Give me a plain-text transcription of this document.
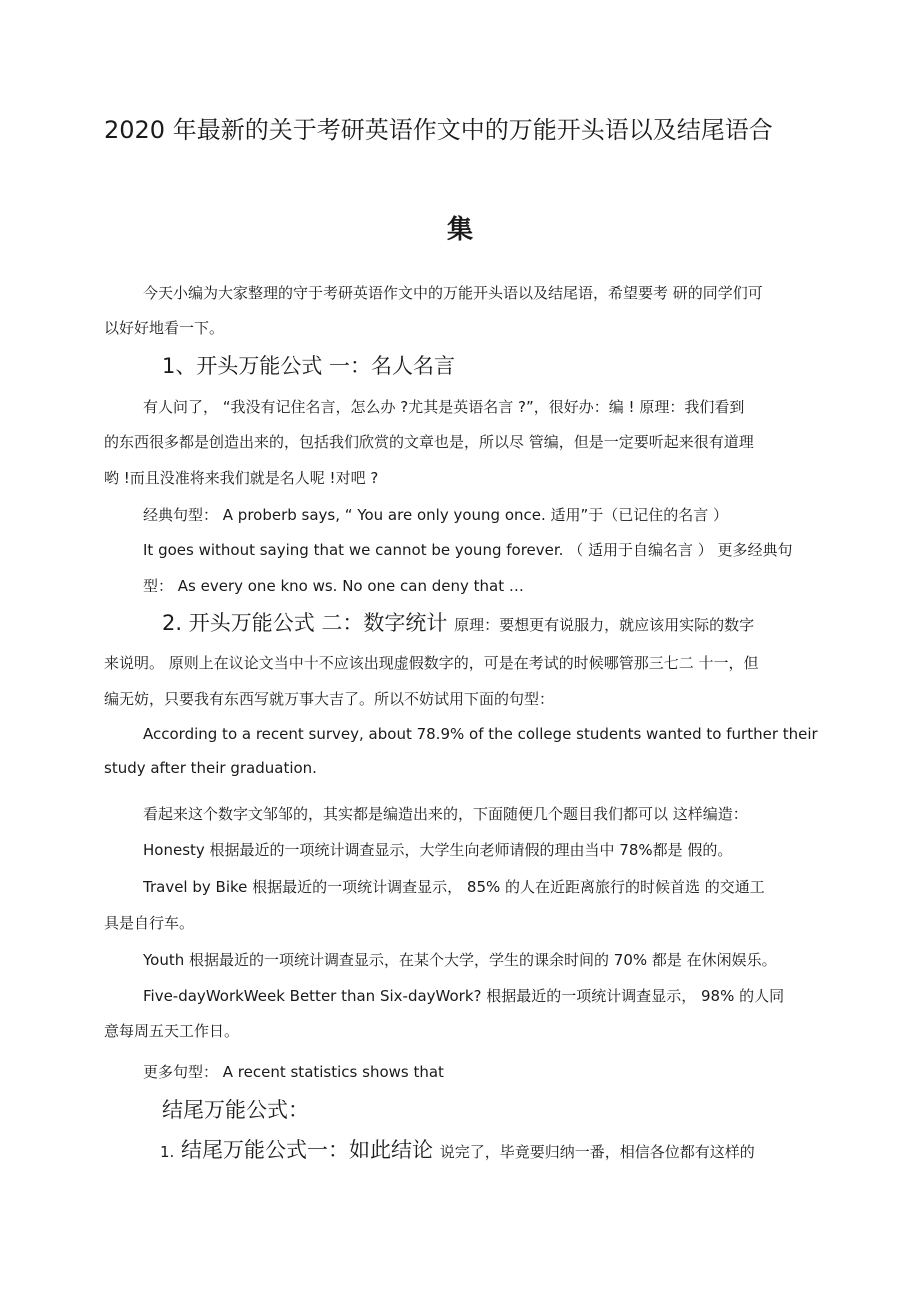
2020 年最新的关于考研英语作文中的万能开头语以及结尾语合
集
今天小编为大家整理的守于考研英语作文中的万能开头语以及结尾语，希望要考 研的同学们可
以好好地看一下。
1、开头万能公式 一：名人名言
有人问了， “我没有记住名言，怎么办 ?尤其是英语名言 ?”，很好办：编 ! 原理：我们看到
的东西很多都是创造出来的，包括我们欣赏的文章也是，所以尽 管编，但是一定要听起来很有道理
哟 !而且没准将来我们就是名人呢 !对吧 ?
经典句型： A proberb says, “ You are only young once. 适用”于（已记住的名言 ）
It goes without saying that we cannot be young forever. （ 适用于自编名言 ） 更多经典句
型： As every one kno ws. No one can deny that …
2. 开头万能公式 二：数字统计 原理：要想更有说服力，就应该用实际的数字
来说明。 原则上在议论文当中十不应该出现虚假数字的，可是在考试的时候哪管那三七二 十一，但
编无妨，只要我有东西写就万事大吉了。所以不妨试用下面的句型：
According to a recent survey, about 78.9% of the college students wanted to further their
study after their graduation.
看起来这个数字文邹邹的，其实都是编造出来的，下面随便几个题目我们都可以 这样编造：
Honesty 根据最近的一项统计调查显示，大学生向老师请假的理由当中 78%都是 假的。
Travel by Bike 根据最近的一项统计调查显示， 85% 的人在近距离旅行的时候首选 的交通工
具是自行车。
Youth 根据最近的一项统计调查显示，在某个大学，学生的课余时间的 70% 都是 在休闲娱乐。
Five-dayWorkWeek Better than Six-dayWork? 根据最近的一项统计调查显示， 98% 的人同
意每周五天工作日。
更多句型： A recent statistics shows that
结尾万能公式：
1. 结尾万能公式一：如此结论 说完了，毕竟要归纳一番，相信各位都有这样的
